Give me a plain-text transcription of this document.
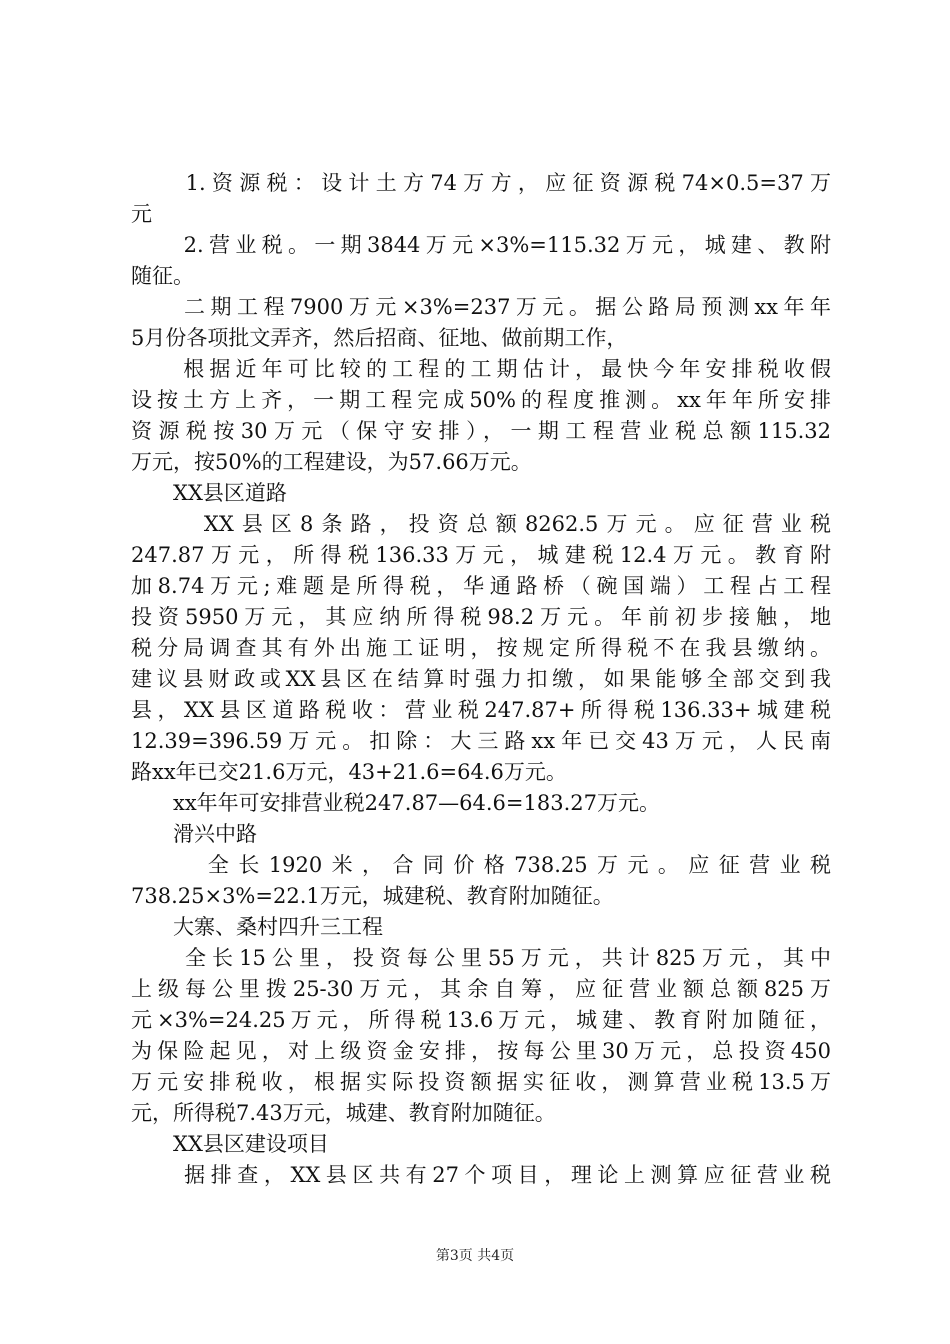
　　1.资源税：设计土方74万方，应征资源税74×0.5=37万
元
　　2.营业税。一期3844万元×3%=115.32万元，城建、教附
随征。
　　二期工程7900万元×3%=237万元。据公路局预测xx年年
5月份各项批文弄齐，然后招商、征地、做前期工作，
　　根据近年可比较的工程的工期估计，最快今年安排税收假
设按土方上齐，一期工程完成50%的程度推测。xx年年所安排
资源税按30万元（保守安排），一期工程营业税总额115.32
万元，按50%的工程建设，为57.66万元。
　　XX县区道路
　　 XX县区8条路，投资总额8262.5万元。应征营业税
247.87万元，所得税136.33万元，城建税12.4万元。教育附
加8.74万元;难题是所得税，华通路桥（碗国端）工程占工程
投资5950万元，其应纳所得税98.2万元。年前初步接触，地
税分局调查其有外出施工证明，按规定所得税不在我县缴纳。
建议县财政或XX县区在结算时强力扣缴，如果能够全部交到我
县，XX县区道路税收：营业税247.87+所得税136.33+城建税
12.39=396.59万元。扣除：大三路xx年已交43万元，人民南
路xx年已交21.6万元，43+21.6=64.6万元。
　　xx年年可安排营业税247.87—64.6=183.27万元。
　　滑兴中路
　　 全长1920米，合同价格738.25万元。应征营业税
738.25×3%=22.1万元，城建税、教育附加随征。
　　大寨、桑村四升三工程
　　全长15公里，投资每公里55万元，共计825万元，其中
上级每公里拨25-30万元，其余自筹，应征营业额总额825万
元×3%=24.25万元，所得税13.6万元，城建、教育附加随征，
为保险起见，对上级资金安排，按每公里30万元，总投资450
万元安排税收，根据实际投资额据实征收，测算营业税13.5万
元，所得税7.43万元，城建、教育附加随征。
　　XX县区建设项目
　　据排查，XX县区共有27个项目，理论上测算应征营业税
第3页 共4页
